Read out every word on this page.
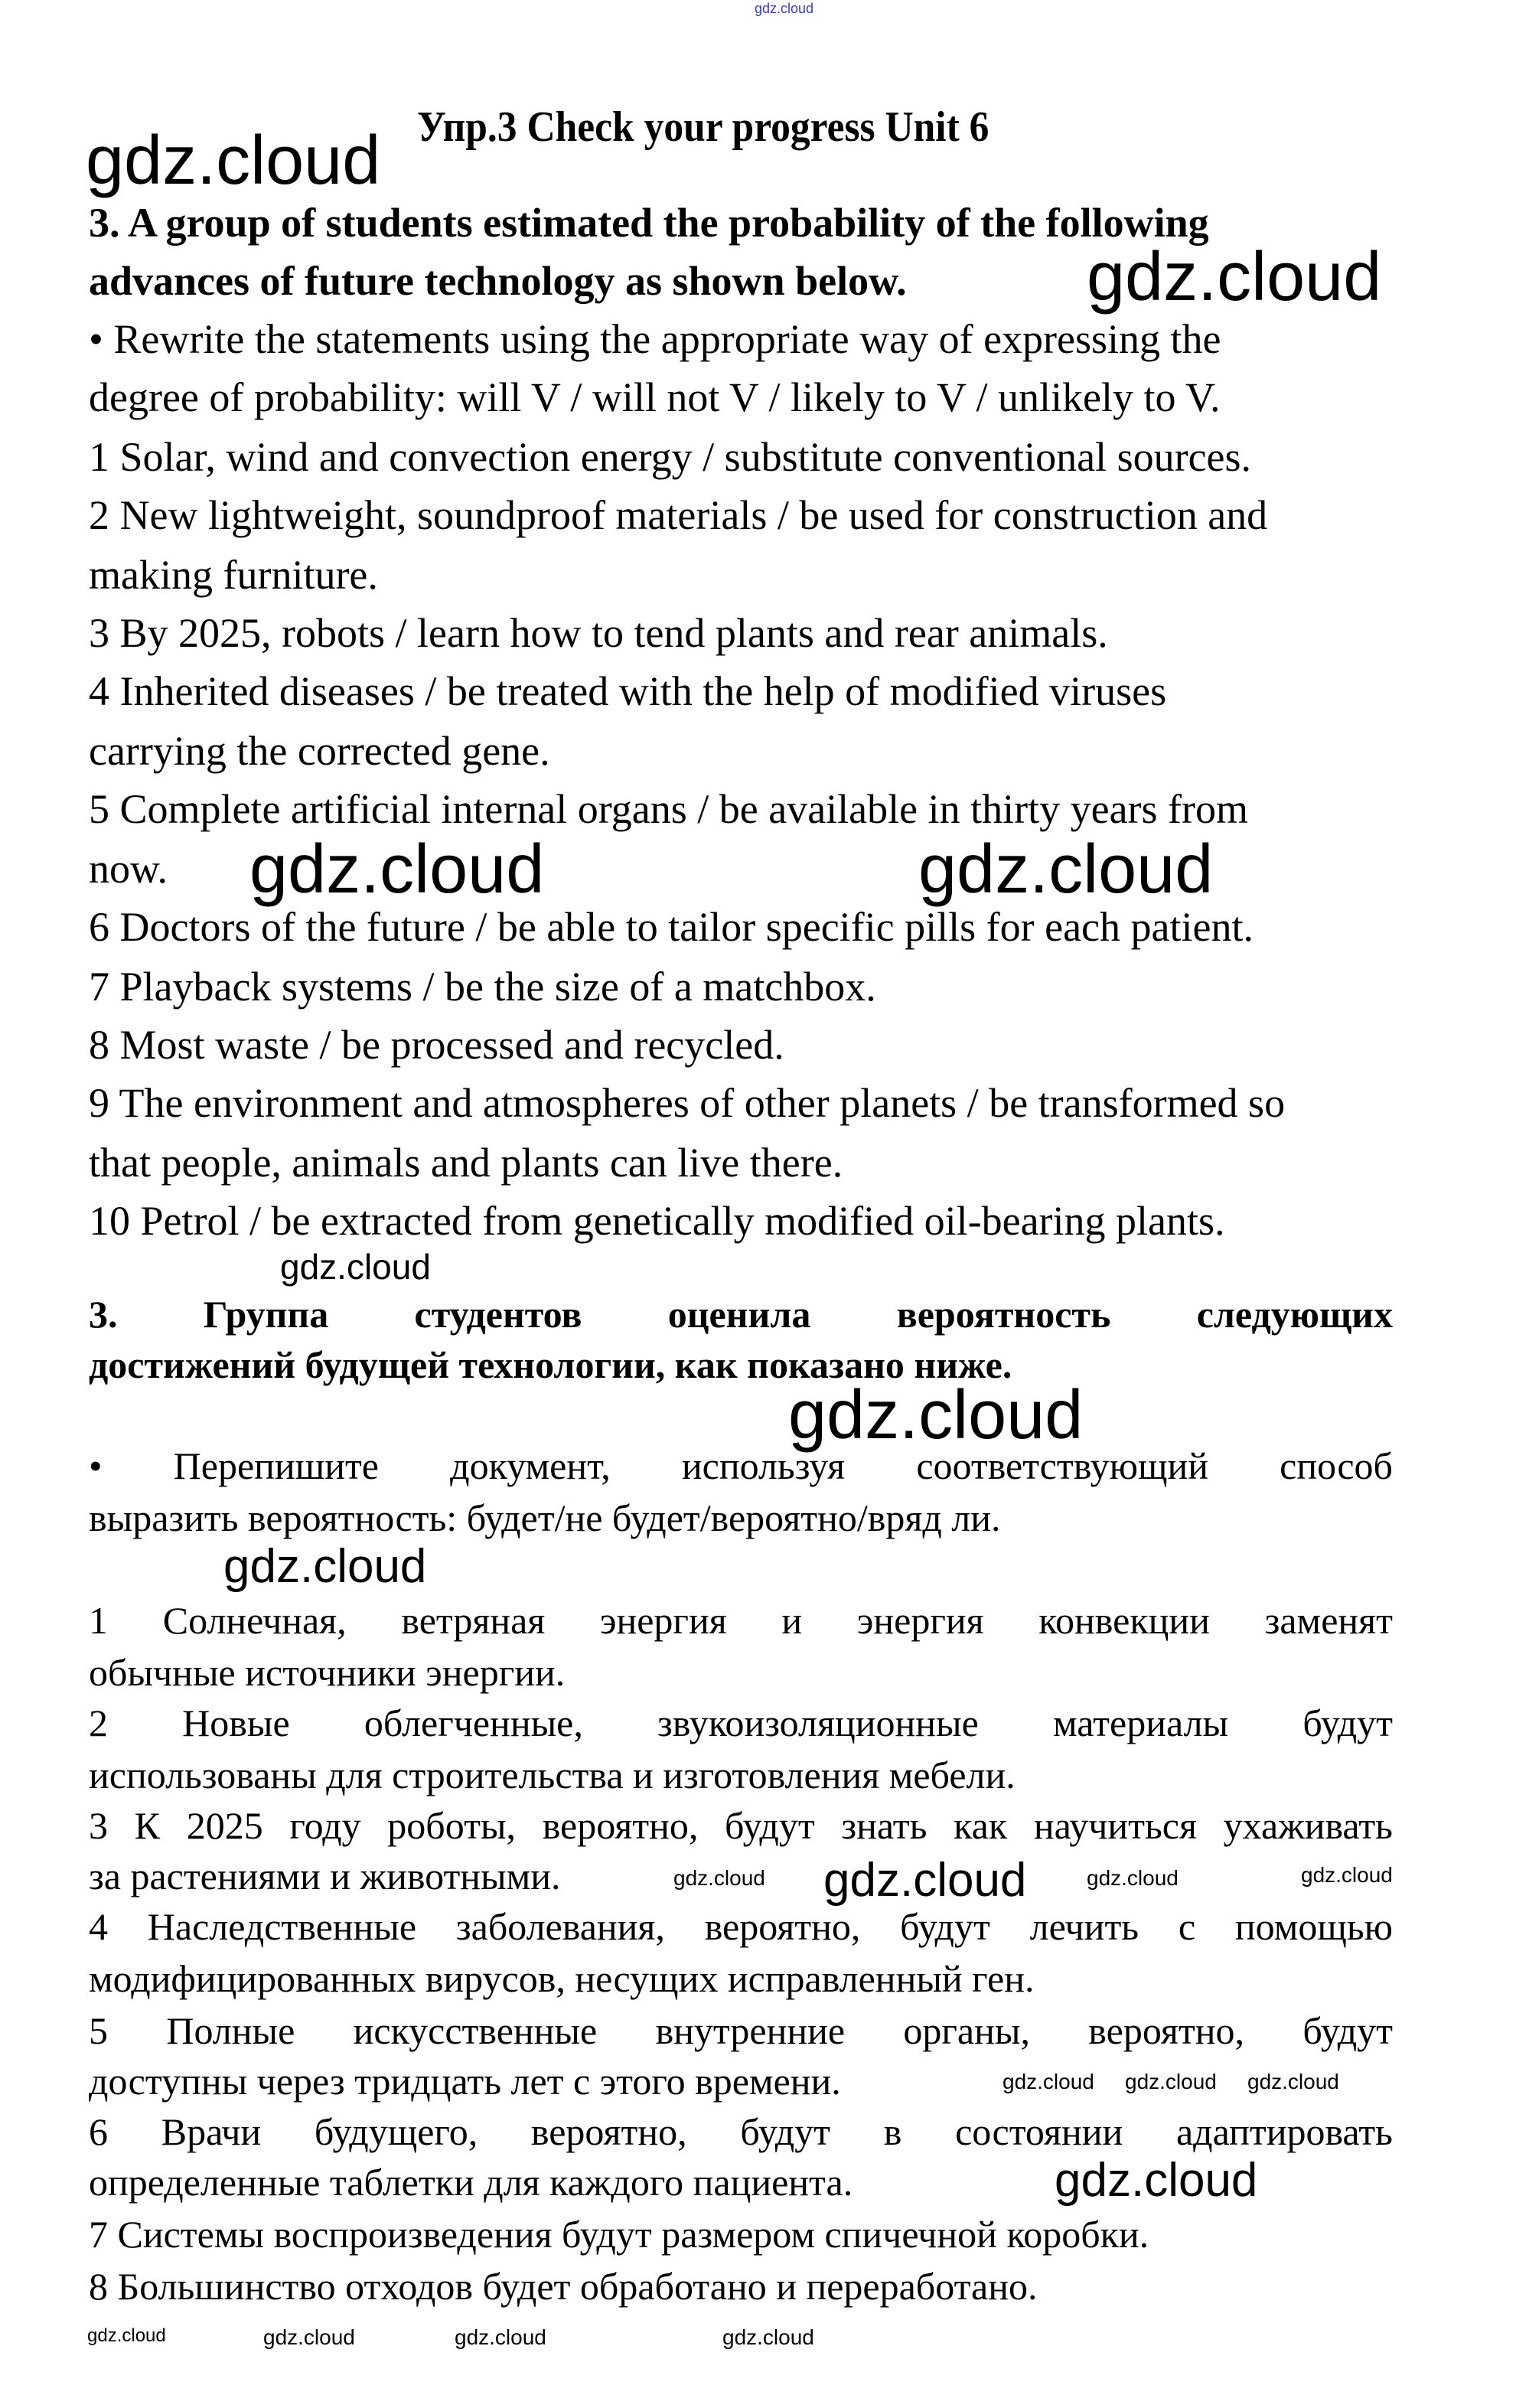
gdz.cloud
Упр.3 Check your progress Unit 6
3. A group of students estimated the probability of the following
advances of future technology as shown below.
• Rewrite the statements using the appropriate way of expressing the
degree of probability: will V / will not V / likely to V / unlikely to V.
1 Solar, wind and convection energy / substitute conventional sources.
2 New lightweight, soundproof materials / be used for construction and
making furniture.
3 By 2025, robots / learn how to tend plants and rear animals.
4 Inherited diseases / be treated with the help of modified viruses
carrying the corrected gene.
5 Complete artificial internal organs / be available in thirty years from
now.
6 Doctors of the future / be able to tailor specific pills for each patient.
7 Playback systems / be the size of a matchbox.
8 Most waste / be processed and recycled.
9 The environment and atmospheres of other planets / be transformed so
that people, animals and plants can live there.
10 Petrol / be extracted from genetically modified oil-bearing plants.
3. Группа студентов оценила вероятность следующих
достижений будущей технологии, как показано ниже.
• Перепишите документ, используя соответствующий способ
выразить вероятность: будет/не будет/вероятно/вряд ли.
1 Солнечная, ветряная энергия и энергия конвекции заменят
обычные источники энергии.
2 Новые облегченные, звукоизоляционные материалы будут
использованы для строительства и изготовления мебели.
3 К 2025 году роботы, вероятно, будут знать как научиться ухаживать
за растениями и животными.
4 Наследственные заболевания, вероятно, будут лечить с помощью
модифицированных вирусов, несущих исправленный ген.
5 Полные искусственные внутренние органы, вероятно, будут
доступны через тридцать лет с этого времени.
6 Врачи будущего, вероятно, будут в состоянии адаптировать
определенные таблетки для каждого пациента.
7 Системы воспроизведения будут размером спичечной коробки.
8 Большинство отходов будет обработано и переработано.
gdz.cloud
gdz.cloud
gdz.cloud	gdz.cloud
gdz.cloud
gdz.cloud
gdz.cloud
gdz.cloud	gdz.cloud
gdz.cloud	gdz.cloud
gdz.cloud gdz.cloud gdz.cloud
gdz.cloud
gdz.cloud	gdz.cloud	gdz.cloud
gdz.cloud
